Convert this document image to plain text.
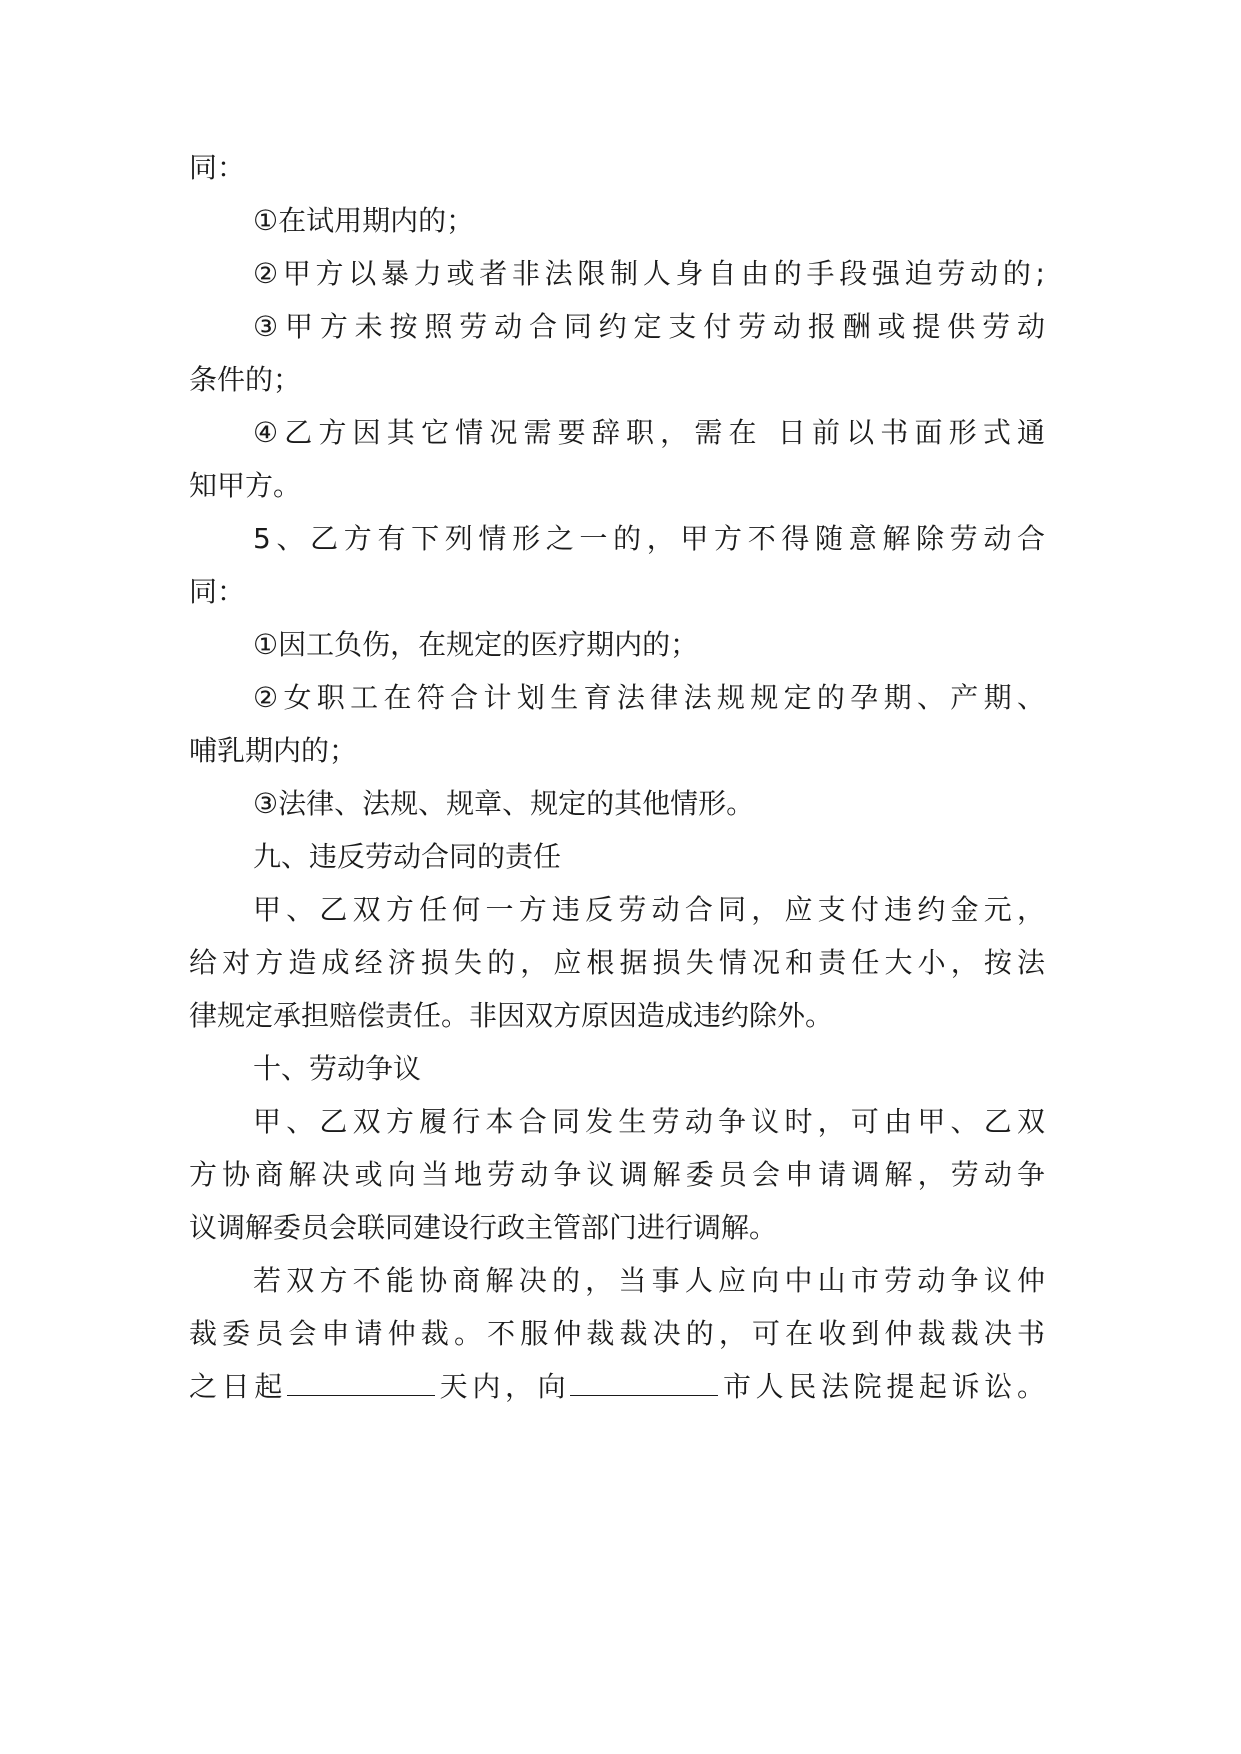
同：
①在试用期内的；
②甲方以暴力或者非法限制人身自由的手段强迫劳动的;
③甲方未按照劳动合同约定支付劳动报酬或提供劳动
条件的；
④乙方因其它情况需要辞职，需在 日前以书面形式通
知甲方。
5、乙方有下列情形之一的，甲方不得随意解除劳动合
同：
①因工负伤，在规定的医疗期内的；
②女职工在符合计划生育法律法规规定的孕期、产期、
哺乳期内的；
③法律、法规、规章、规定的其他情形。
九、违反劳动合同的责任
甲、乙双方任何一方违反劳动合同，应支付违约金元，
给对方造成经济损失的，应根据损失情况和责任大小，按法
律规定承担赔偿责任。非因双方原因造成违约除外。
十、劳动争议
甲、乙双方履行本合同发生劳动争议时，可由甲、乙双
方协商解决或向当地劳动争议调解委员会申请调解，劳动争
议调解委员会联同建设行政主管部门进行调解。
若双方不能协商解决的，当事人应向中山市劳动争议仲
裁委员会申请仲裁。不服仲裁裁决的，可在收到仲裁裁决书
之日起	天内，向	市人民法院提起诉讼。
